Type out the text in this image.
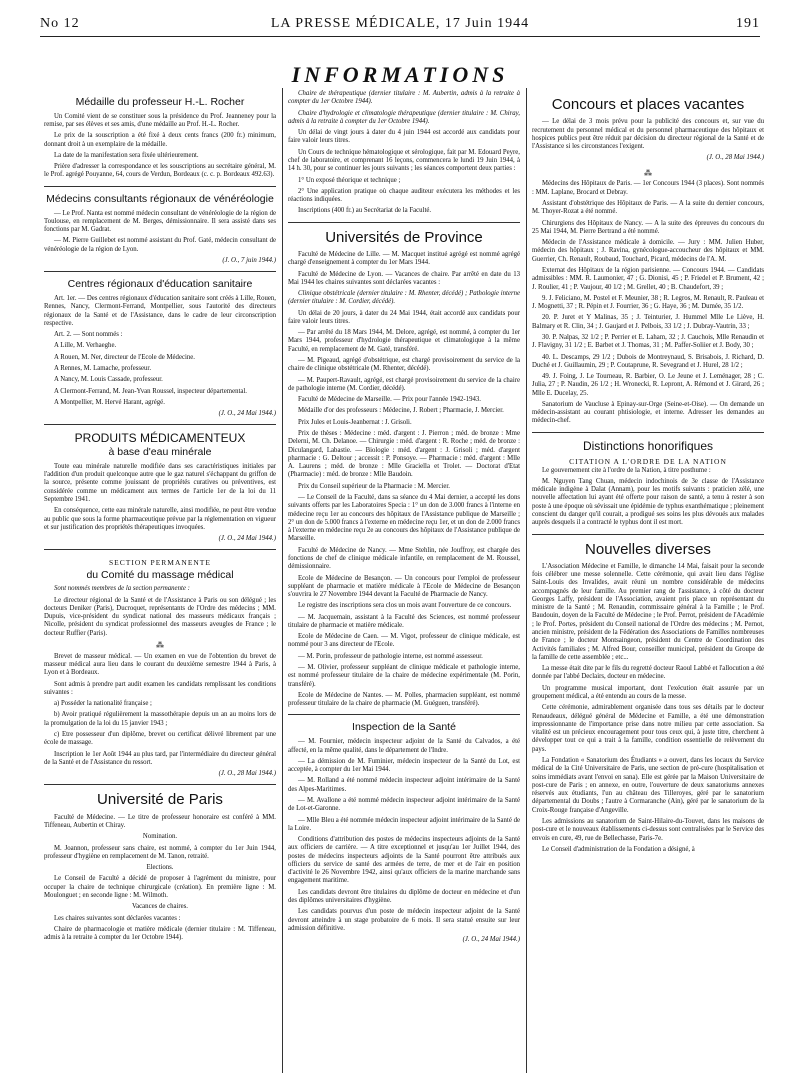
No 12	LA PRESSE MÉDICALE, 17 Juin 1944	191
INFORMATIONS
Médaille du professeur H.-L. Rocher

Un Comité vient de se constituer sous la présidence du Prof. Jeanneney pour la remise, par ses élèves et ses amis, d'une médaille au Prof. H.-L. Rocher.

Le prix de la souscription a été fixé à deux cents francs (200 fr.) minimum, donnant droit à un exemplaire de la médaille.

La date de la manifestation sera fixée ultérieurement.

Prière d'adresser la correspondance et les souscriptions au secrétaire général, M. le Prof. agrégé Pouyanne, 64, cours de Verdun, Bordeaux (c. c. p. Bordeaux 492.63).

Médecins consultants régionaux de vénéréologie

— Le Prof. Nanta est nommé médecin consultant de vénéréologie de la région de Toulouse, en remplacement de M. Berges, démissionnaire. Il sera assisté dans ses fonctions par M. Gadrat.

— M. Pierre Guillebet est nommé assistant du Prof. Gaté, médecin consultant de vénéréologie de la région de Lyon.

(J. O., 7 juin 1944.)

Centres régionaux d'éducation sanitaire

Art. 1er. — Des centres régionaux d'éducation sanitaire sont créés à Lille, Rouen, Rennes, Nancy, Clermont-Ferrand, Montpellier, sous l'autorité des directeurs régionaux de la Santé et de l'Assistance, dans le cadre de leur circonscription respective.

Art. 2. — Sont nommés :

A Lille, M. Verhaeghe.

A Rouen, M. Ner, directeur de l'Ecole de Médecine.

A Rennes, M. Lamache, professeur.

A Nancy, M. Louis Cassade, professeur.

A Clermont-Ferrand, M. Jean-Yvan Roussel, inspecteur départemental.

A Montpellier, M. Hervé Harant, agrégé.

(J. O., 24 Mai 1944.)

PRODUITS MÉDICAMENTEUX
à base d'eau minérale

Toute eau minérale naturelle modifiée dans ses caractéristiques initiales par l'addition d'un produit quelconque autre que le gaz naturel s'échappant du griffon de la source, présente comme jouissant de propriétés curatives ou préventives, est considérée comme un médicament aux termes de l'article 1er de la loi du 11 Septembre 1941.

En conséquence, cette eau minérale naturelle, ainsi modifiée, ne peut être vendue au public que sous la forme pharmaceutique prévue par la réglementation en vigueur et sur justification des propriétés thérapeutiques invoquées.

(J. O., 24 Mai 1944.)

SECTION PERMANENTE
du Comité du massage médical

Sont nommés membres de la section permanente :

Le directeur régional de la Santé et de l'Assistance à Paris ou son délégué ; les docteurs Deniker (Paris), Ducroquet, représentants de l'Ordre des médecins ; MM. Dupuis, vice-président du syndicat national des masseurs médicaux français ; Nicolle, président du syndicat professionnel des masseurs aveugles de France ; le docteur Ruffier (Paris).

⁂

Brevet de masseur médical. — Un examen en vue de l'obtention du brevet de masseur médical aura lieu dans le courant du deuxième semestre 1944 à Paris, à Lyon et à Bordeaux.

Sont admis à prendre part audit examen les candidats remplissant les conditions suivantes :

a) Posséder la nationalité française ;

b) Avoir pratiqué régulièrement la massothérapie depuis un an au moins lors de la promulgation de la loi du 15 janvier 1943 ;

c) Etre possesseur d'un diplôme, brevet ou certificat délivré librement par une école de massage.

Inscription le 1er Août 1944 au plus tard, par l'intermédiaire du directeur général de la Santé et de l'Assistance du ressort.

(J. O., 28 Mai 1944.)

Université de Paris

Faculté de Médecine. — Le titre de professeur honoraire est conféré à MM. Tiffeneau, Aubertin et Chiray.

Nomination.

M. Joannon, professeur sans chaire, est nommé, à compter du 1er Juin 1944, professeur d'hygiène en remplacement de M. Tanon, retraité.

Elections.

Le Conseil de Faculté a décidé de proposer à l'agrément du ministre, pour occuper la chaire de technique chirurgicale (création). En première ligne : M. Moulonguet ; en seconde ligne : M. Wilmoth.

Vacances de chaires.

Les chaires suivantes sont déclarées vacantes :

Chaire de pharmacologie et matière médicale (dernier titulaire : M. Tiffeneau, admis à la retraite à compter du 1er Octobre 1944).

Chaire de thérapeutique (dernier titulaire : M. Aubertin, admis à la retraite à compter du 1er Octobre 1944).

Chaire d'hydrologie et climatologie thérapeutique (dernier titulaire : M. Chiray, admis à la retraite à compter du 1er Octobre 1944).

Un délai de vingt jours à dater du 4 juin 1944 est accordé aux candidats pour faire valoir leurs titres.

Un Cours de technique hématologique et sérologique, fait par M. Edouard Peyre, chef de laboratoire, et comprenant 16 leçons, commencera le lundi 19 Juin 1944, à 14 h. 30, pour se continuer les jours suivants ; les séances comportent deux parties :

1° Un exposé théorique et technique ;

2° Une application pratique où chaque auditeur exécutera les méthodes et les réactions indiquées.

Inscriptions (400 fr.) au Secrétariat de la Faculté.

Universités de Province

Faculté de Médecine de Lille. — M. Macquet institué agrégé est nommé agrégé chargé d'enseignement à compter du 1er Mars 1944.

Faculté de Médecine de Lyon. — Vacances de chaire. Par arrêté en date du 13 Mai 1944 les chaires suivantes sont déclarées vacantes :

Clinique obstétricale (dernier titulaire : M. Rhenter, décédé) ; Pathologie interne (dernier titulaire : M. Cordier, décédé).

Un délai de 20 jours, à dater du 24 Mai 1944, était accordé aux candidats pour faire valoir leurs titres.

— Par arrêté du 18 Mars 1944, M. Delore, agrégé, est nommé, à compter du 1er Mars 1944, professeur d'hydrologie thérapeutique et climatologique à la même Faculté, en remplacement de M. Gaté, transféré.

— M. Pigeaud, agrégé d'obstétrique, est chargé provisoirement du service de la chaire de clinique obstétricale (M. Rhenter, décédé).

— M. Paupert-Ravault, agrégé, est chargé provisoirement du service de la chaire de pathologie interne (M. Cordier, décédé).

Faculté de Médecine de Marseille. — Prix pour l'année 1942-1943.

Médaille d'or des professeurs : Médecine, J. Robert ; Pharmacie, J. Mercier.

Prix Jules et Louis-Jeanbernat : J. Grisoli.

Prix de thèses : Médecine : méd. d'argent : J. Pierron ; méd. de bronze : Mme Delerni, M. Ch. Delanoe. — Chirurgie : méd. d'argent : R. Roche ; méd. de bronze : Diculangard, Labastie. — Biologie : méd. d'argent : J. Grisoli ; méd. d'argent pharmacie : G. Deltour ; accessit : P. Ponsoye. — Pharmacie : méd. d'argent : Mlle A. Laurens ; méd. de bronze : Mlle Graciella et Trolet. — Doctorat d'Etat (Pharmacie) : méd. de bronze : Mlle Baudoin.

Prix du Conseil supérieur de la Pharmacie : M. Mercier.

— Le Conseil de la Faculté, dans sa séance du 4 Mai dernier, a accepté les dons suivants offerts par les Laboratoires Specia : 1° un don de 3.000 francs à l'interne en médecine reçu 1er au concours des hôpitaux de l'Assistance publique de Marseille ; 2° un don de 5.000 francs à l'externe en médecine reçu 1er, et un don de 2.000 francs à l'externe en médecine reçu 2e au concours des hôpitaux de l'Assistance publique de Marseille.

Faculté de Médecine de Nancy. — Mme Stehlin, née Jouffroy, est chargée des fonctions de chef de clinique médicale infantile, en remplacement de M. Roussel, démissionnaire.

Ecole de Médecine de Besançon. — Un concours pour l'emploi de professeur suppléant de pharmacie et matière médicale à l'Ecole de Médecine de Besançon s'ouvrira le 27 Novembre 1944 devant la Faculté de Pharmacie de Nancy.

Le registre des inscriptions sera clos un mois avant l'ouverture de ce concours.

— M. Jacquemain, assistant à la Faculté des Sciences, est nommé professeur titulaire de pharmacie et matière médicale.

Ecole de Médecine de Caen. — M. Vigot, professeur de clinique médicale, est nommé pour 3 ans directeur de l'Ecole.

— M. Porin, professeur de pathologie interne, est nommé assesseur.

— M. Olivier, professeur suppléant de clinique médicale et pathologie interne, est nommé professeur titulaire de la chaire de médecine expérimentale (M. Porin, transféré).

Ecole de Médecine de Nantes. — M. Polles, pharmacien suppléant, est nommé professeur titulaire de la chaire de pharmacie (M. Guéguen, transféré).

Inspection de la Santé

— M. Fournier, médecin inspecteur adjoint de la Santé du Calvados, a été affecté, en la même qualité, dans le département de l'Indre.

— La démission de M. Fuminier, médecin inspecteur de la Santé du Lot, est acceptée, à compter du 1er Mai 1944.

— M. Rolland a été nommé médecin inspecteur adjoint intérimaire de la Santé des Alpes-Maritimes.

— M. Avallone a été nommé médecin inspecteur adjoint intérimaire de la Santé de Lot-et-Garonne.

— Mlle Bleu a été nommée médecin inspecteur adjoint intérimaire de la Santé de la Loire.

Conditions d'attribution des postes de médecins inspecteurs adjoints de la Santé aux officiers de carrière. — A titre exceptionnel et jusqu'au 1er Juillet 1944, des postes de médecins inspecteurs adjoints de la Santé pourront être attribués aux officiers du service de santé des armées de terre, de mer et de l'air en position d'activité le 26 Novembre 1942, ainsi qu'aux officiers de la marine marchande sans engagement maritime.

Les candidats devront être titulaires du diplôme de docteur en médecine et d'un des diplômes universitaires d'hygiène.

Les candidats pourvus d'un poste de médecin inspecteur adjoint de la Santé devront atteindre à un stage probatoire de 6 mois. Il sera statué ensuite sur leur admission définitive.

(J. O., 24 Mai 1944.)

Concours et places vacantes

— Le délai de 3 mois prévu pour la publicité des concours et, sur vue du recrutement du personnel médical et du personnel pharmaceutique des hôpitaux et hospices publics peut être réduit par décision du directeur régional de la Santé et de l'Assistance si les circonstances l'exigent.

(J. O., 28 Mai 1944.)

⁂

Médecins des Hôpitaux de Paris. — 1er Concours 1944 (3 places). Sont nommés : MM. Laplane, Brocard et Debray.

Assistant d'obstétrique des Hôpitaux de Paris. — A la suite du dernier concours, M. Thoyer-Rozat a été nommé.

Chirurgiens des Hôpitaux de Nancy. — A la suite des épreuves du concours du 25 Mai 1944, M. Pierre Bertrand a été nommé.

Médecin de l'Assistance médicale à domicile. — Jury : MM. Julien Huber, médecin des hôpitaux ; J. Ravina, gynécologue-accoucheur des hôpitaux et MM. Guerrier, Ch. Renault, Roubaud, Touchard, Picard, médecins de l'A. M.

Externat des Hôpitaux de la région parisienne. — Concours 1944. — Candidats admissibles : MM. R. Laumonier, 47 ; G. Dionisi, 45 ; P. Friedel et P. Brument, 42 ; J. Roulier, 41 ; P. Vaujour, 40 1/2 ; M. Grellet, 40 ; B. Chaudefort, 39 ;

9. J. Feliciano, M. Postel et F. Meunier, 38 ; R. Legros, M. Renault, R. Pauleau et J. Mognetti, 37 ; R. Pépin et J. Fourrier, 36 ; G. Haye, 36 ; M. Dumée, 35 1/2.

20. P. Juret et Y Malinas, 35 ; J. Teinturier, J. Hummel Mlle Le Liève, H. Balmary et R. Clin, 34 ; J. Gaujard et J. Pelbois, 33 1/2 ; J. Dubray-Vautrin, 33 ;

30. P. Nalpas, 32 1/2 ; P. Perrier et E. Laham, 32 ; J. Cauchois, Mlle Renaudin et J. Flavigny, 31 1/2 ; E. Barbet et J. Thomas, 31 ; M. Paffer-Soliier et J. Body, 30 ;

40. L. Descamps, 29 1/2 ; Dubois de Montreynaud, S. Brisabois, J. Richard, D. Duché et J. Guillaumin, 29 ; P. Coutaprune, R. Sevegrand et J. Hurel, 28 1/2 ;

49. J. Foing, J. Le Tourneau, R. Barbier, O. Le Jeune et J. Leménager, 28 ; C. Julia, 27 ; P. Naudin, 26 1/2 ; H. Wronecki, R. Lepront, A. Rémond et J. Girard, 26 ; Mlle E. Ducelay, 25.

Sanatorium de Vaucluse à Epinay-sur-Orge (Seine-et-Oise). — On demande un médecin-assistant au courant phtisiologie, et interne. Adresser les demandes au médecin-chef.

Distinctions honorifiques
CITATION A L'ORDRE DE LA NATION

Le gouvernement cite à l'ordre de la Nation, à titre posthume :

M. Nguyen Tang Chuan, médecin indochinois de 3e classe de l'Assistance médicale indigène à Dalat (Annam), pour les motifs suivants : praticien zélé, une nouvelle affectation lui ayant été offerte pour raison de santé, a tenu à rester à son poste à une époque où sévissait une épidémie de typhus exanthématique ; pleinement conscient du danger qu'il courait, a prodigué ses soins les plus dévoués aux malades auprès desquels il a contracté le typhus dont il est mort.

Nouvelles diverses

L'Association Médecine et Famille, le dimanche 14 Mai, faisait pour la seconde fois célébrer une messe solennelle. Cette cérémonie, qui avait lieu dans l'église Saint-Louis des Invalides, avait réuni un nombre considérable de médecins accompagnés de leur famille. Au premier rang de l'assistance, à côté du docteur Georges Laffy, président de l'Association, avaient pris place un représentant du ministre de la Santé ; M. Renaudin, commissaire général à la Famille ; le Prof. Baudouin, doyen de la Faculté de Médecine ; le Prof. Perrot, président de l'Académie ; le Prof. Portes, président du Conseil national de l'Ordre des médecins ; M. Pernot, ancien ministre, président de la Fédération des Associations de Familles nombreuses de France ; le docteur Montsaingeon, président du Centre de Coordination des Activités familiales ; M. Alfred Bour, conseiller municipal, président du Groupe de la famille de cette assemblée ; etc...

La messe était dite par le fils du regretté docteur Raoul Labbé et l'allocution a été donnée par l'abbé Declairs, docteur en médecine.

Un programme musical important, dont l'exécution était assurée par un groupement médical, a été entendu au cours de la messe.

Cette cérémonie, admirablement organisée dans tous ses détails par le docteur Renaudeaux, délégué général de Médecine et Famille, a été une démonstration impressionnante de l'importance prise dans notre milieu par cette association. Sa vitalité est un précieux encouragement pour tous ceux qui, à juste titre, cherchent à développer tout ce qui a trait à la famille, condition essentielle de relèvement du pays.

La Fondation « Sanatorium des Étudiants » a ouvert, dans les locaux du Service médical de la Cité Universitaire de Paris, une section de pré-cure (hospitalisation et soins immédiats avant l'envoi en sana). Elle est gérée par la Maison Universitaire de post-cure de Paris ; en annexe, en outre, l'ouverture de deux sanatoriums annexes réservés aux étudiants, l'un au château des Tilleroyes, géré par le sanatorium départemental du Doubs ; l'autre à Cormaranche (Ain), géré par le sanatorium de la Croix-Rouge française d'Angeville.

Les admissions au sanatorium de Saint-Hilaire-du-Touvet, dans les maisons de post-cure et le nouveaux établissements ci-dessus sont centralisées par le Service des envois en cure, 49, rue de Bellechasse, Paris-7e.

Le Conseil d'administration de la Fondation a désigné, à
